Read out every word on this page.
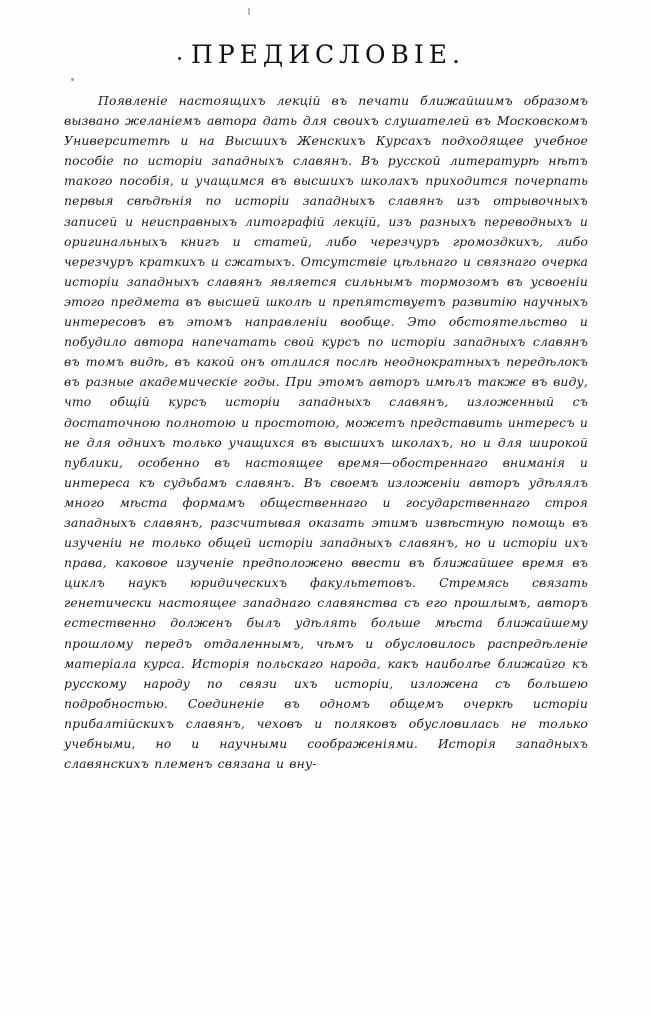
ПРЕДИСЛОВІЕ.

Появленіе настоящихъ лекцій въ печати ближайшимъ образомъ вызвано желаніемъ автора дать для своихъ слушателей въ Московскомъ Университетѣ и на Высшихъ Женскихъ Курсахъ подходящее учебное пособіе по исторіи западныхъ славянъ. Въ русской литературѣ нѣтъ такого пособія, и учащимся въ высшихъ школахъ приходится почерпать первыя свѣдѣнія по исторіи западныхъ славянъ изъ отрывочныхъ записей и неисправныхъ литографій лекцій, изъ разныхъ переводныхъ и оригинальныхъ книгъ и статей, либо черезчуръ громоздкихъ, либо черезчуръ краткихъ и сжатыхъ. Отсутствіе цѣльнаго и связнаго очерка исторіи западныхъ славянъ является сильнымъ тормозомъ въ усвоеніи этого предмета въ высшей школѣ и препятствуетъ развитію научныхъ интересовъ въ этомъ направленіи вообще. Это обстоятельство и побудило автора напечатать свой курсъ по исторіи западныхъ славянъ въ томъ видѣ, въ какой онъ отлился послѣ неоднократныхъ передѣлокъ въ разные академическіе годы. При этомъ авторъ имѣлъ также въ виду, что общій курсъ исторіи западныхъ славянъ, изложенный съ достаточною полнотою и простотою, можетъ представить интересъ и не для однихъ только учащихся въ высшихъ школахъ, но и для широкой публики, особенно въ настоящее время—обостреннаго вниманія и интереса къ судьбамъ славянъ. Въ своемъ изложеніи авторъ удѣлялъ много мѣста формамъ общественнаго и государственнаго строя западныхъ славянъ, разсчитывая оказать этимъ извѣстную помощь въ изученіи не только общей исторіи западныхъ славянъ, но и исторіи ихъ права, каковое изученіе предположено ввести въ ближайшее время въ циклъ наукъ юридическихъ факультетовъ. Стремясь связать генетически настоящее западнаго славянства съ его прошлымъ, авторъ естественно долженъ былъ удѣлять больше мѣста ближайшему прошлому передъ отдаленнымъ, чѣмъ и обусловилось распредѣленіе матеріала курса. Исторія польскаго народа, какъ наиболѣе ближайго къ русскому народу по связи ихъ исторіи, изложена съ большею подробностью. Соединеніе въ одномъ общемъ очеркѣ исторіи прибалтійскихъ славянъ, чеховъ и поляковъ обусловилась не только учебными, но и научными соображеніями. Исторія западныхъ славянскихъ племенъ связана и вну-
